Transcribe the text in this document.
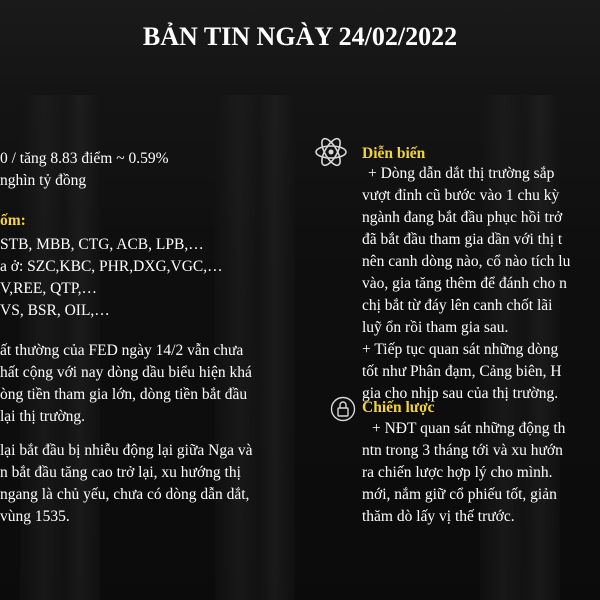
BẢN TIN NGÀY 24/02/2022
0 / tăng 8.83 điểm ~ 0.59%
nghìn tỷ đồng
ốm:
STB, MBB, CTG, ACB, LPB,…
a ở: SZC,KBC, PHR,DXG,VGC,…
V,REE, QTP,…
VS, BSR, OIL,…
ất thường của FED ngày 14/2 vẫn chưa
hất cộng với nay dòng dầu biểu hiện khá
òng tiền tham gia lớn, dòng tiền bắt đầu
lại thị trường.
lại bắt đầu bị nhiễu động lại giữa Nga và
n bắt đầu tăng cao trở lại, xu hướng thị
ngang là chủ yếu, chưa có dòng dẫn dắt,
vùng 1535.
Diễn biến
+ Dòng dẫn dắt thị trường sắp
vượt đỉnh cũ bước vào 1 chu kỳ
ngành đang bắt đầu phục hồi trở
đã bắt đầu tham gia dần với thị t
nên canh dòng nào, cổ nào tích lu
vào, gia tăng thêm để đánh cho n
chị bắt từ đáy lên canh chốt lãi
luỹ ổn rồi tham gia sau.
+ Tiếp tục quan sát những dòng
tốt như Phân đạm, Cảng biên, H
gia cho nhịp sau của thị trường.
Chiến lược
+ NĐT quan sát những động th
ntn trong 3 tháng tới và xu hướn
ra chiến lược hợp lý cho mình.
mới, nắm giữ cổ phiếu tốt, giản
thăm dò lấy vị thế trước.
